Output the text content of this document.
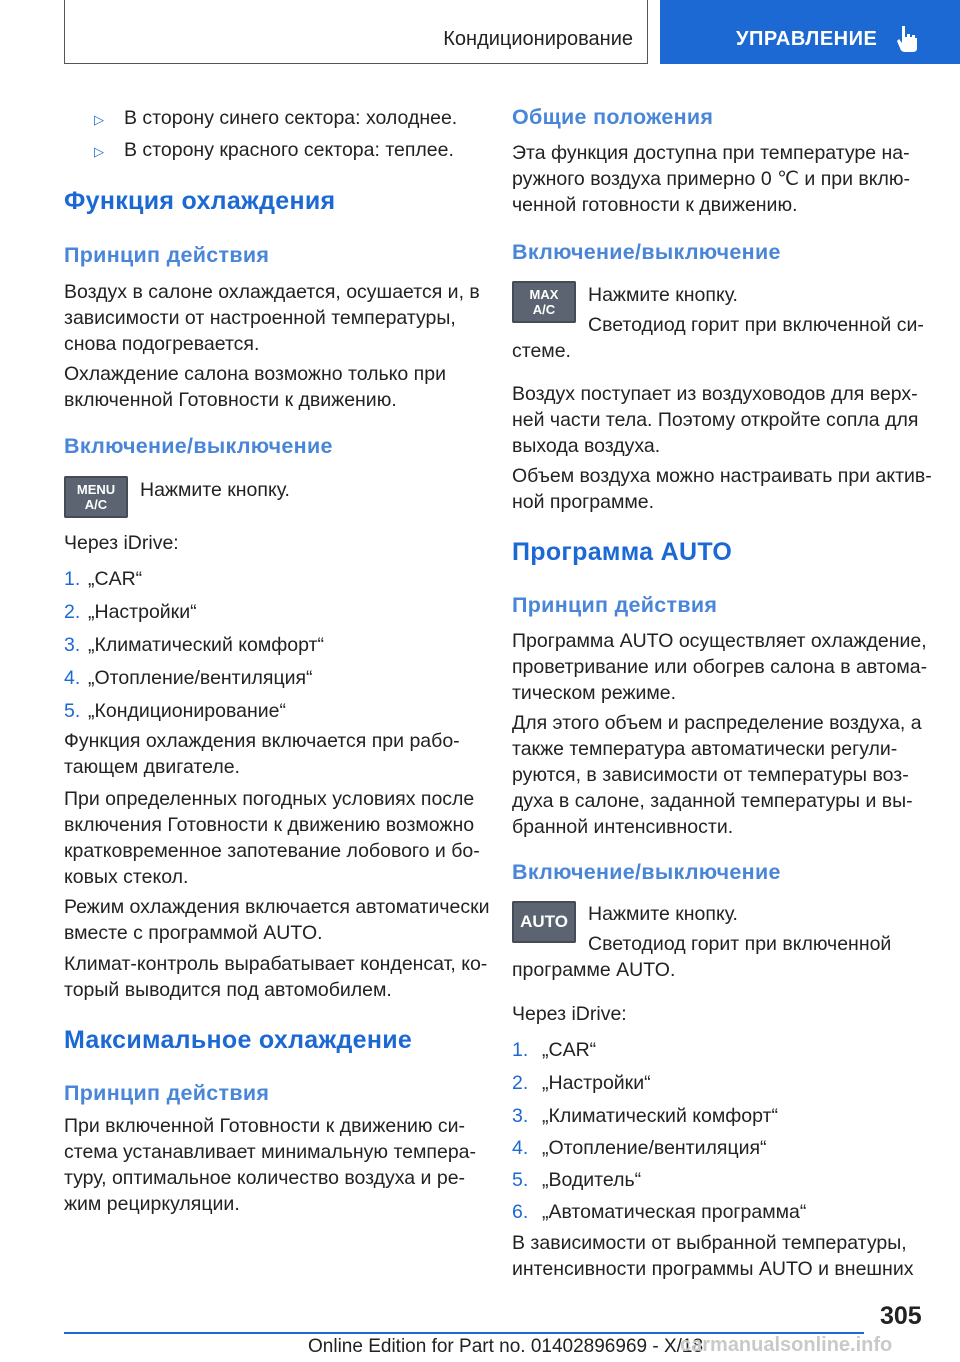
Кондиционирование	УПРАВЛЕНИЕ
▷ В сторону синего сектора: холоднее.
▷ В сторону красного сектора: теплее.
Функция охлаждения
Принцип действия

Воздух в салоне охлаждается, осушается и, в

зависимости от настроенной температуры,

снова подогревается.

Охлаждение салона возможно только при

включенной Готовности к движению.

Включение/выключение
MENU
A/C

Нажмите кнопку.

Через iDrive:

1. „CAR“
2. „Настройки“
3. „Климатический комфорт“
4. „Отопление/вентиляция“
5. „Кондиционирование“

Функция охлаждения включается при рабо-

тающем двигателе.

При определенных погодных условиях после

включения Готовности к движению возможно

кратковременное запотевание лобового и бо-

ковых стекол.

Режим охлаждения включается автоматически

вместе с программой AUTO.

Климат-контроль вырабатывает конденсат, ко-

торый выводится под автомобилем.

Максимальное охлаждение
Принцип действия

При включенной Готовности к движению си-

стема устанавливает минимальную темпера-

туру, оптимальное количество воздуха и ре-

жим рециркуляции.

Общие положения

Эта функция доступна при температуре на-

ружного воздуха примерно 0 ℃ и при вклю-

ченной готовности к движению.

Включение/выключение
MAX
A/C

Нажмите кнопку.

Светодиод горит при включенной си-

стеме.

Воздух поступает из воздуховодов для верх-

ней части тела. Поэтому откройте сопла для

выхода воздуха.

Объем воздуха можно настраивать при актив-

ной программе.

Программа AUTO
Принцип действия

Программа AUTO осуществляет охлаждение,

проветривание или обогрев салона в автома-

тическом режиме.

Для этого объем и распределение воздуха, а

также температура автоматически регули-

руются, в зависимости от температуры воз-

духа в салоне, заданной температуры и вы-

бранной интенсивности.

Включение/выключение
AUTO	Нажмите кнопку.

Светодиод горит при включенной

программе AUTO.

Через iDrive:

1. „CAR“
2. „Настройки“
3. „Климатический комфорт“
4. „Отопление/вентиляция“
5. „Водитель“
6. „Автоматическая программа“

В зависимости от выбранной температуры,

интенсивности программы AUTO и внешних

305
Online Edition for Part no. 01402896969 - X/18
carmanualsonline.info
